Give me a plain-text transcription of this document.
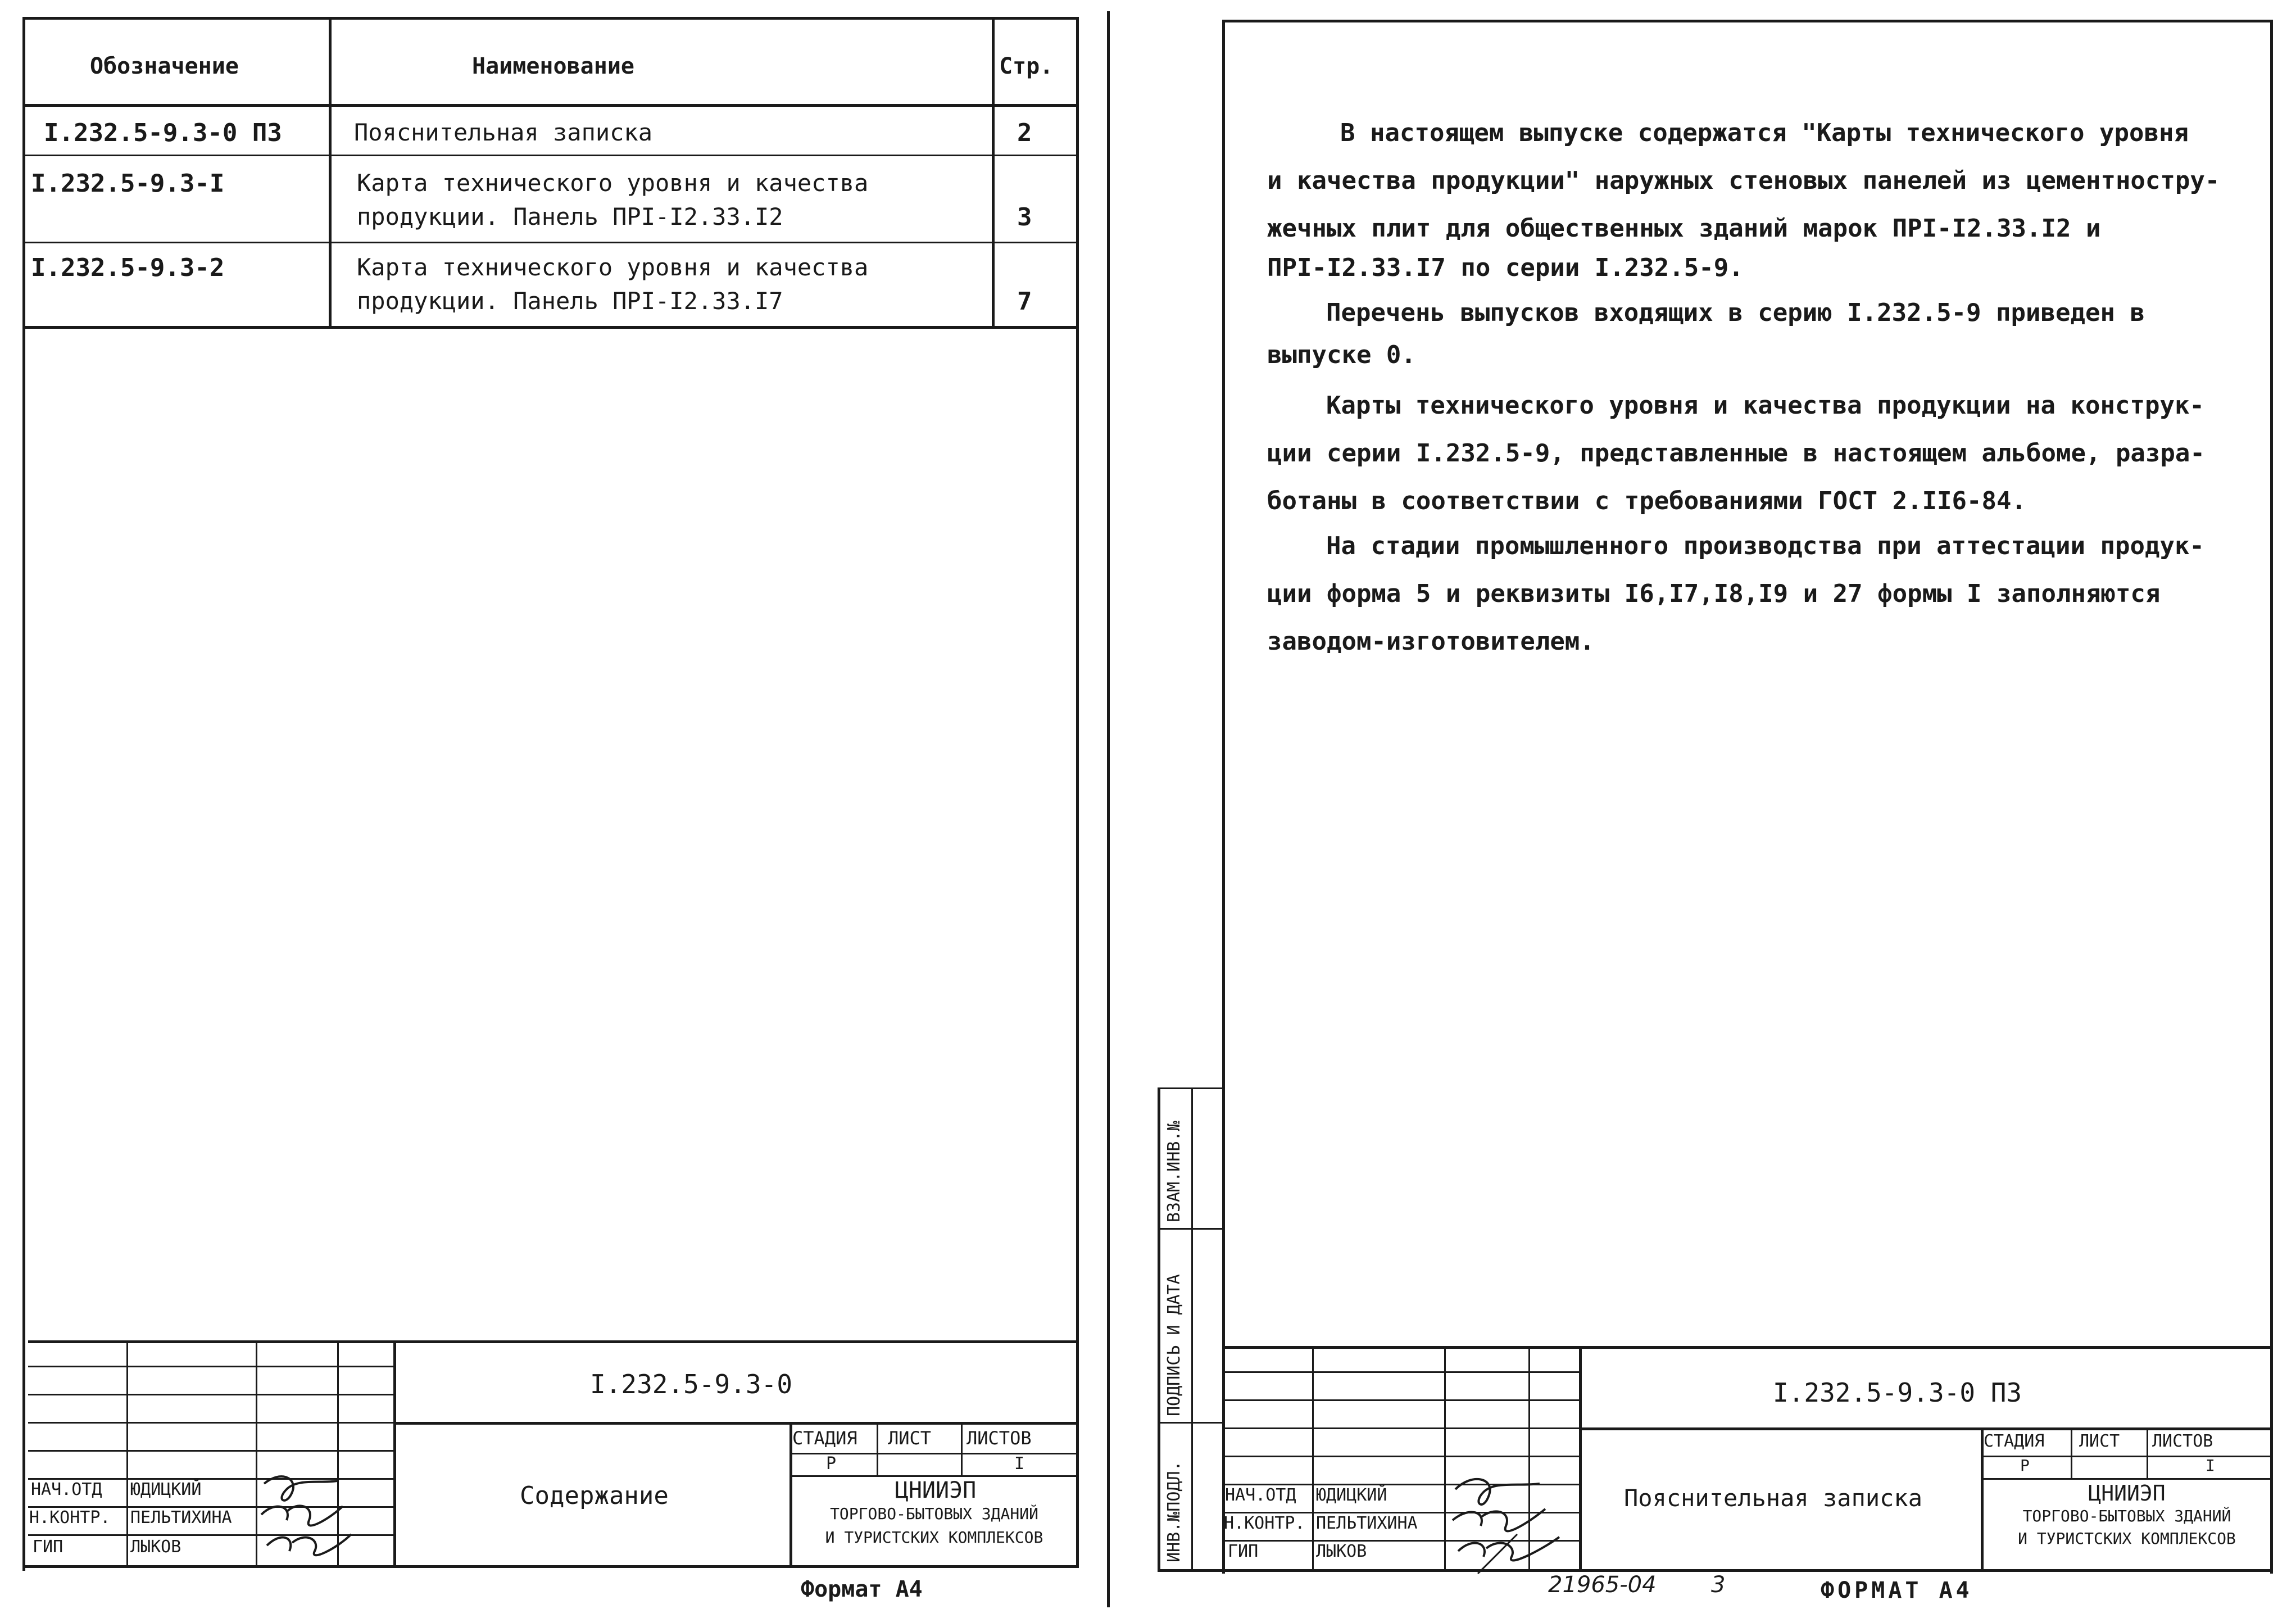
Обозначение	Наименование	Стр.
I.232.5-9.3-0 ПЗ	Пояснительная записка	2
I.232.5-9.3-I	Карта технического уровня и качества
продукции. Панель ПРI-I2.33.I2	3
I.232.5-9.3-2	Карта технического уровня и качества
продукции. Панель ПРI-I2.33.I7	7
I.232.5-9.3-0
Содержание
СТАДИЯ ЛИСТ ЛИСТОВ
Р	I
ЦНИИЭП
ТОРГОВО-БЫТОВЫХ ЗДАНИЙ
И ТУРИСТСКИХ КОМПЛЕКСОВ
НАЧ.ОТД ЮДИЦКИЙ
Н.КОНТР. ПЕЛЬТИХИНА
ГИП	ЛЫКОВ
Формат А4
ВЗАМ.ИНВ.№
ПОДПИСЬ И ДАТА
ИНВ.№ПОДЛ.
В настоящем выпуске содержатся "Карты технического уровня
и качества продукции" наружных стеновых панелей из цементностру-
жечных плит для общественных зданий марок ПРI-I2.33.I2 и
ПРI-I2.33.I7 по серии I.232.5-9.
Перечень выпусков входящих в серию I.232.5-9 приведен в
выпуске 0.
Карты технического уровня и качества продукции на конструк-
ции серии I.232.5-9, представленные в настоящем альбоме, разра-
ботаны в соответствии с требованиями ГОСТ 2.II6-84.
На стадии промышленного производства при аттестации продук-
ции форма 5 и реквизиты I6,I7,I8,I9 и 27 формы I заполняются
заводом-изготовителем.
I.232.5-9.3-0 ПЗ
Пояснительная записка
СТАДИЯ ЛИСТ ЛИСТОВ
Р	I
ЦНИИЭП
ТОРГОВО-БЫТОВЫХ ЗДАНИЙ
И ТУРИСТСКИХ КОМПЛЕКСОВ
НАЧ.ОТД ЮДИЦКИЙ
Н.КОНТР. ПЕЛЬТИХИНА
ГИП	ЛЫКОВ
21965-04 3	ФОРМАТ А4
